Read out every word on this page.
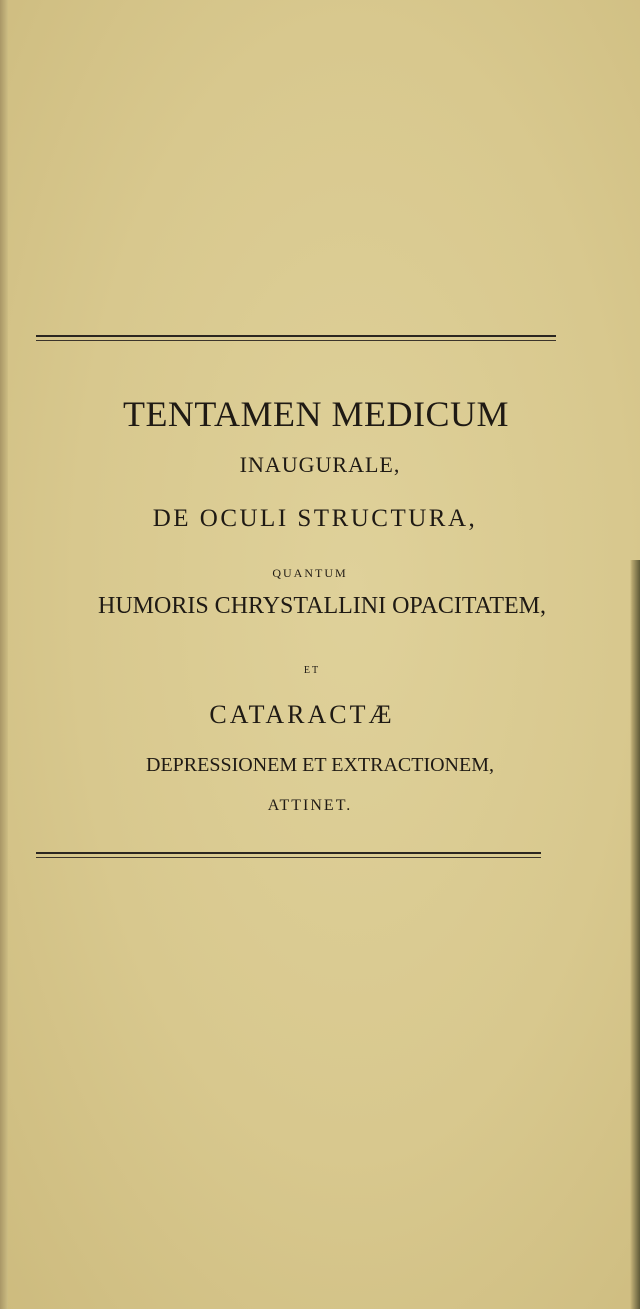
TENTAMEN MEDICUM
INAUGURALE,
DE OCULI STRUCTURA,
QUANTUM
HUMORIS CHRYSTALLINI OPACITATEM,
ET
CATARACTÆ
DEPRESSIONEM ET EXTRACTIONEM,
ATTINET.
